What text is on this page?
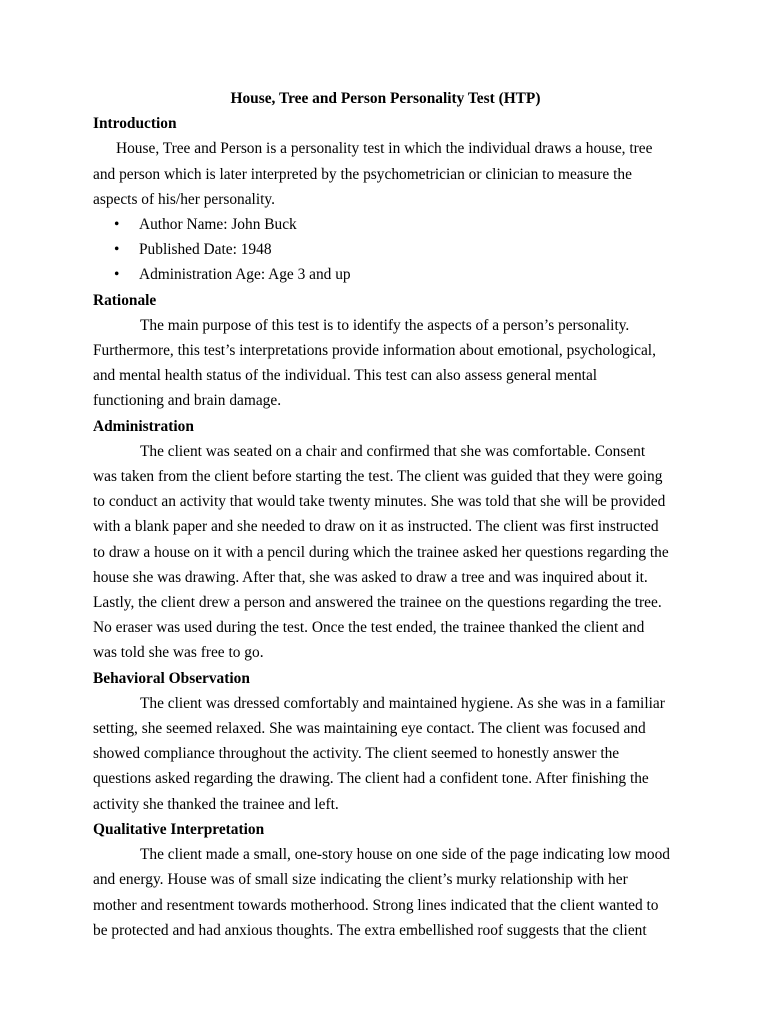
House, Tree and Person Personality Test (HTP)

Introduction

House, Tree and Person is a personality test in which the individual draws a house, tree
and person which is later interpreted by the psychometrician or clinician to measure the
aspects of his/her personality.

• Author Name: John Buck
• Published Date: 1948
• Administration Age: Age 3 and up

Rationale

The main purpose of this test is to identify the aspects of a person’s personality.
Furthermore, this test’s interpretations provide information about emotional, psychological,
and mental health status of the individual. This test can also assess general mental
functioning and brain damage.

Administration

The client was seated on a chair and confirmed that she was comfortable. Consent
was taken from the client before starting the test. The client was guided that they were going
to conduct an activity that would take twenty minutes. She was told that she will be provided
with a blank paper and she needed to draw on it as instructed. The client was first instructed
to draw a house on it with a pencil during which the trainee asked her questions regarding the
house she was drawing. After that, she was asked to draw a tree and was inquired about it.
Lastly, the client drew a person and answered the trainee on the questions regarding the tree.
No eraser was used during the test. Once the test ended, the trainee thanked the client and
was told she was free to go.

Behavioral Observation

The client was dressed comfortably and maintained hygiene. As she was in a familiar
setting, she seemed relaxed. She was maintaining eye contact. The client was focused and
showed compliance throughout the activity. The client seemed to honestly answer the
questions asked regarding the drawing. The client had a confident tone. After finishing the
activity she thanked the trainee and left.

Qualitative Interpretation

The client made a small, one-story house on one side of the page indicating low mood
and energy. House was of small size indicating the client’s murky relationship with her
mother and resentment towards motherhood. Strong lines indicated that the client wanted to
be protected and had anxious thoughts. The extra embellished roof suggests that the client
